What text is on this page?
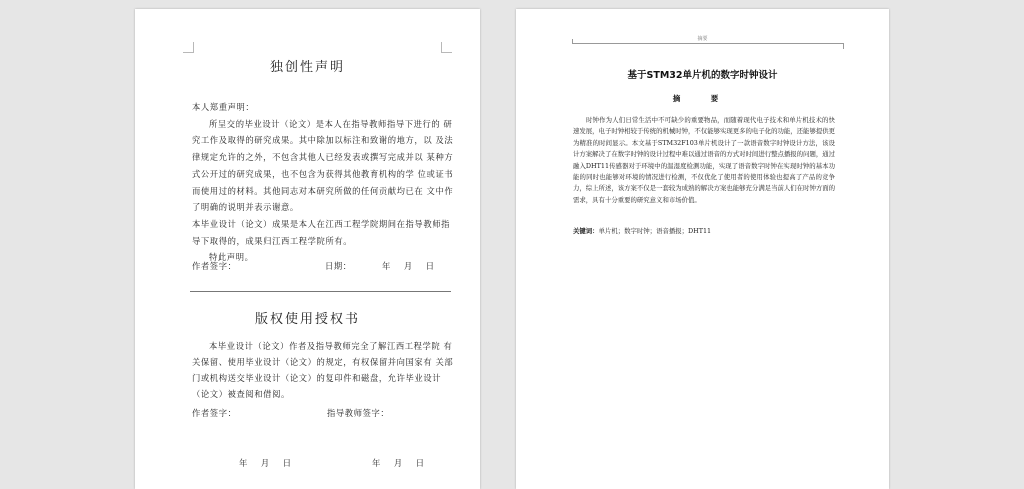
独创性声明

本人郑重声明：

所呈交的毕业设计（论文）是本人在指导教师指导下进行的 研究工作及取得的研究成果。其中除加以标注和致谢的地方，以 及法律规定允许的之外，不包含其他人已经发表或撰写完成并以 某种方式公开过的研究成果，也不包含为获得其他教育机构的学 位或证书而使用过的材料。其他同志对本研究所做的任何贡献均已在 文中作了明确的说明并表示谢意。

本毕业设计（论文）成果是本人在江西工程学院期间在指导教师指导下取得的，成果归江西工程学院所有。

特此声明。

作者签字：	日期：	年    月    日
版权使用授权书

本毕业设计（论文）作者及指导教师完全了解江西工程学院 有关保留、使用毕业设计（论文）的规定，有权保留并向国家有 关部门或机构送交毕业设计（论文）的复印件和磁盘，允许毕业设计（论文）被查阅和借阅。

作者签字：	指导教师签字：
年    月    日	年    月    日
摘要
基于STM32单片机的数字时钟设计
摘 要

时钟作为人们日常生活中不可缺少的重要物品，而随着现代电子技术和单片机技术的快速发展，电子时钟相较于传统的机械时钟，不仅能够实现更多的电子化的功能，还能够提供更为精准的时间显示。本文基于STM32F103单片机设计了一款语音数字时钟设计方法，该设计方案解决了在数字时钟的设计过程中难以通过语音的方式对时间进行整点播报的问题，通过融入DHT11传感器对于环境中的温湿度检测功能，实现了语音数字时钟在实现时钟的基本功能的同时也能够对环境的情况进行检测，不仅优化了使用者的使用体验也提高了产品的竞争力，综上所述，该方案不仅是一套较为成熟的解决方案也能够充分满足当前人们在时钟方面的需求，具有十分重要的研究意义和市场价值。

关键词：单片机；数字时钟；语音播报；DHT11
